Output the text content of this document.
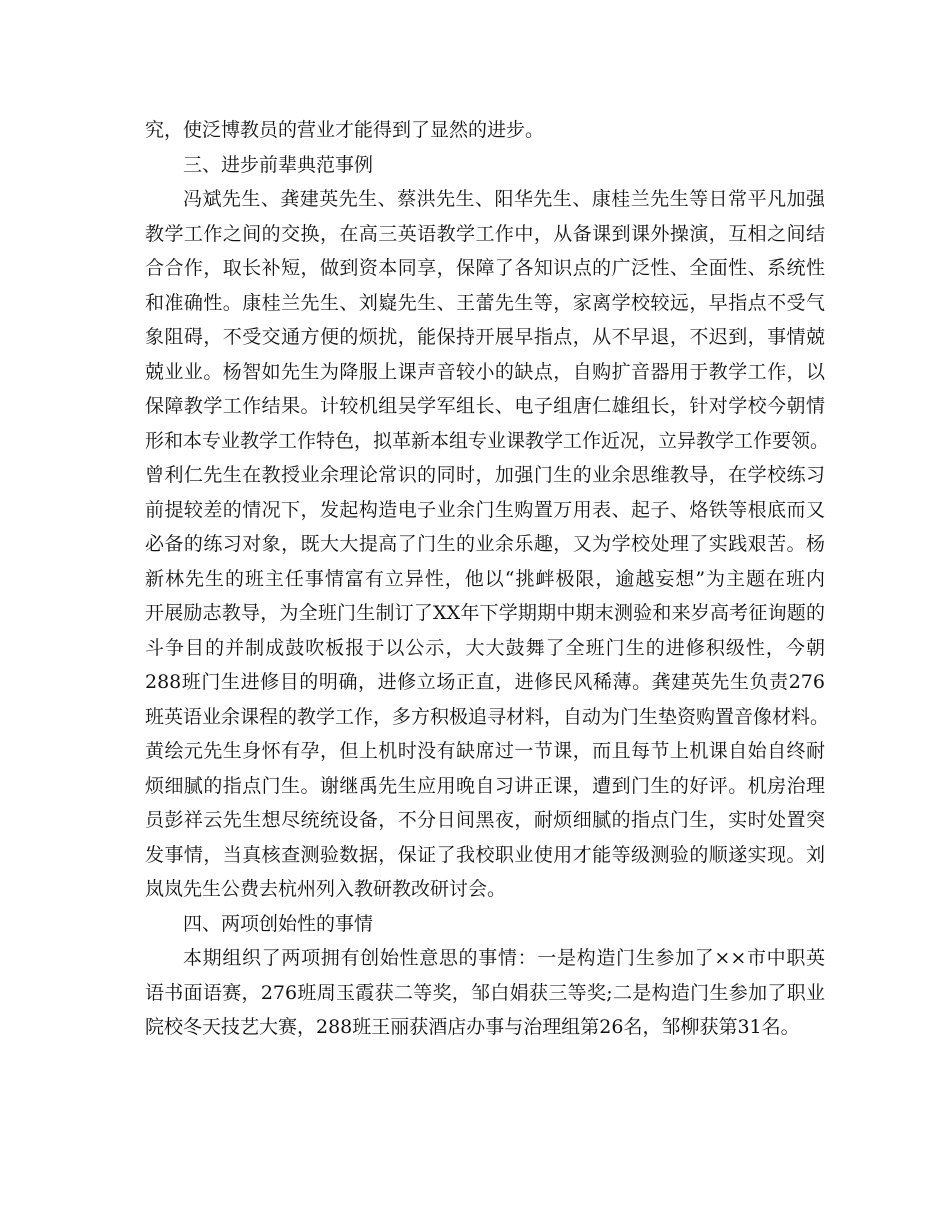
究，使泛博教员的营业才能得到了显然的进步。

三、进步前辈典范事例

冯斌先生、龚建英先生、蔡洪先生、阳华先生、康桂兰先生等日常平凡加强
教学工作之间的交换，在高三英语教学工作中，从备课到课外操演，互相之间结
合合作，取长补短，做到资本同享，保障了各知识点的广泛性、全面性、系统性
和准确性。康桂兰先生、刘嶷先生、王蕾先生等，家离学校较远，早指点不受气
象阻碍，不受交通方便的烦扰，能保持开展早指点，从不早退，不迟到，事情兢
兢业业。杨智如先生为降服上课声音较小的缺点，自购扩音器用于教学工作，以
保障教学工作结果。计较机组吴学军组长、电子组唐仁雄组长，针对学校今朝情
形和本专业教学工作特色，拟革新本组专业课教学工作近况，立异教学工作要领。
曾利仁先生在教授业余理论常识的同时，加强门生的业余思维教导，在学校练习
前提较差的情况下，发起构造电子业余门生购置万用表、起子、烙铁等根底而又
必备的练习对象，既大大提高了门生的业余乐趣，又为学校处理了实践艰苦。杨
新林先生的班主任事情富有立异性，他以“挑衅极限，逾越妄想”为主题在班内
开展励志教导，为全班门生制订了XX年下学期期中期末测验和来岁高考征询题的
斗争目的并制成鼓吹板报于以公示，大大鼓舞了全班门生的进修积级性，今朝
288班门生进修目的明确，进修立场正直，进修民风稀薄。龚建英先生负责276
班英语业余课程的教学工作，多方积极追寻材料，自动为门生垫资购置音像材料。
黄绘元先生身怀有孕，但上机时没有缺席过一节课，而且每节上机课自始自终耐
烦细腻的指点门生。谢继禹先生应用晚自习讲正课，遭到门生的好评。机房治理
员彭祥云先生想尽统统设备，不分日间黑夜，耐烦细腻的指点门生，实时处置突
发事情，当真核查测验数据，保证了我校职业使用才能等级测验的顺遂实现。刘
岚岚先生公费去杭州列入教研教改研讨会。

四、两项创始性的事情

本期组织了两项拥有创始性意思的事情：一是构造门生参加了××市中职英
语书面语赛，276班周玉霞获二等奖，邹白娟获三等奖;二是构造门生参加了职业
院校冬天技艺大赛，288班王丽获酒店办事与治理组第26名，邹柳获第31名。
